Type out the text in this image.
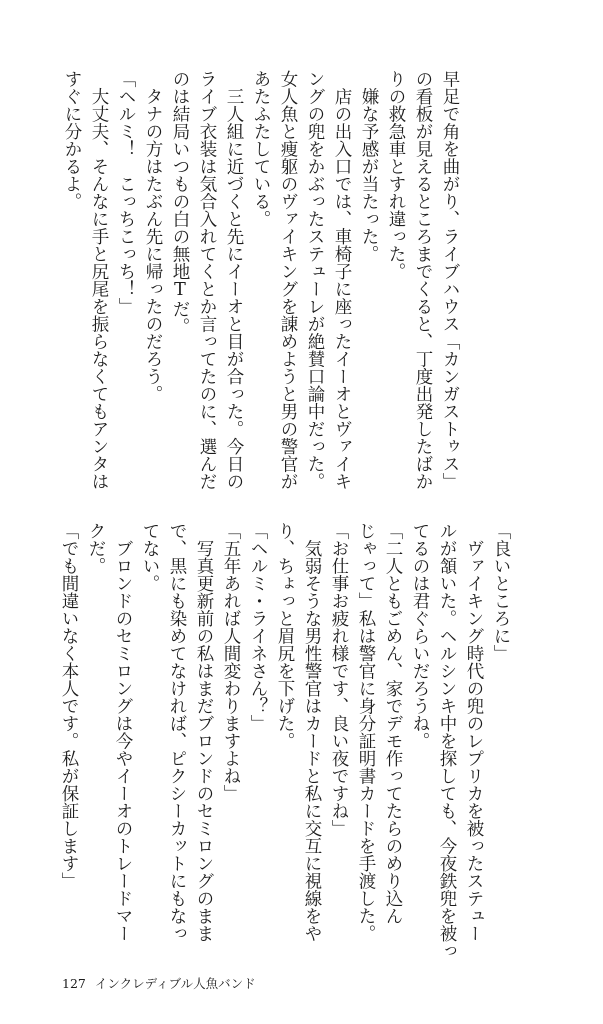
早足で角を曲がり、ライブハウス「カンガストゥス」
の看板が見えるところまでくると、丁度出発したばか
りの救急車とすれ違った。
　嫌な予感が当たった。
　店の出入口では、車椅子に座ったイーオとヴァイキ
ングの兜をかぶったステューレが絶賛口論中だった。
女人魚と痩躯のヴァイキングを諌めようと男の警官が
あたふたしている。
　三人組に近づくと先にイーオと目が合った。今日の
ライブ衣装は気合入れてくとか言ってたのに、選んだ
のは結局いつもの白の無地Tだ。
　タナの方はたぶん先に帰ったのだろう。
「ヘルミ！　こっちこっち！」
　大丈夫、そんなに手と尻尾を振らなくてもアンタは
すぐに分かるよ。
「良いところに」
　ヴァイキング時代の兜のレプリカを被ったステュー
ルが頷いた。ヘルシンキ中を探しても、今夜鉄兜を被っ
てるのは君ぐらいだろうね。
「二人ともごめん、家でデモ作ってたらのめり込ん
じゃって」私は警官に身分証明書カードを手渡した。
「お仕事お疲れ様です、良い夜ですね」
　気弱そうな男性警官はカードと私に交互に視線をや
り、ちょっと眉尻を下げた。
「ヘルミ・ライネさん？」
「五年あれば人間変わりますよね」
　写真更新前の私はまだブロンドのセミロングのまま
で、黒にも染めてなければ、ピクシーカットにもなっ
てない。
　ブロンドのセミロングは今やイーオのトレードマー
クだ。
「でも間違いなく本人です。私が保証します」
127 インクレディブル人魚バンド
